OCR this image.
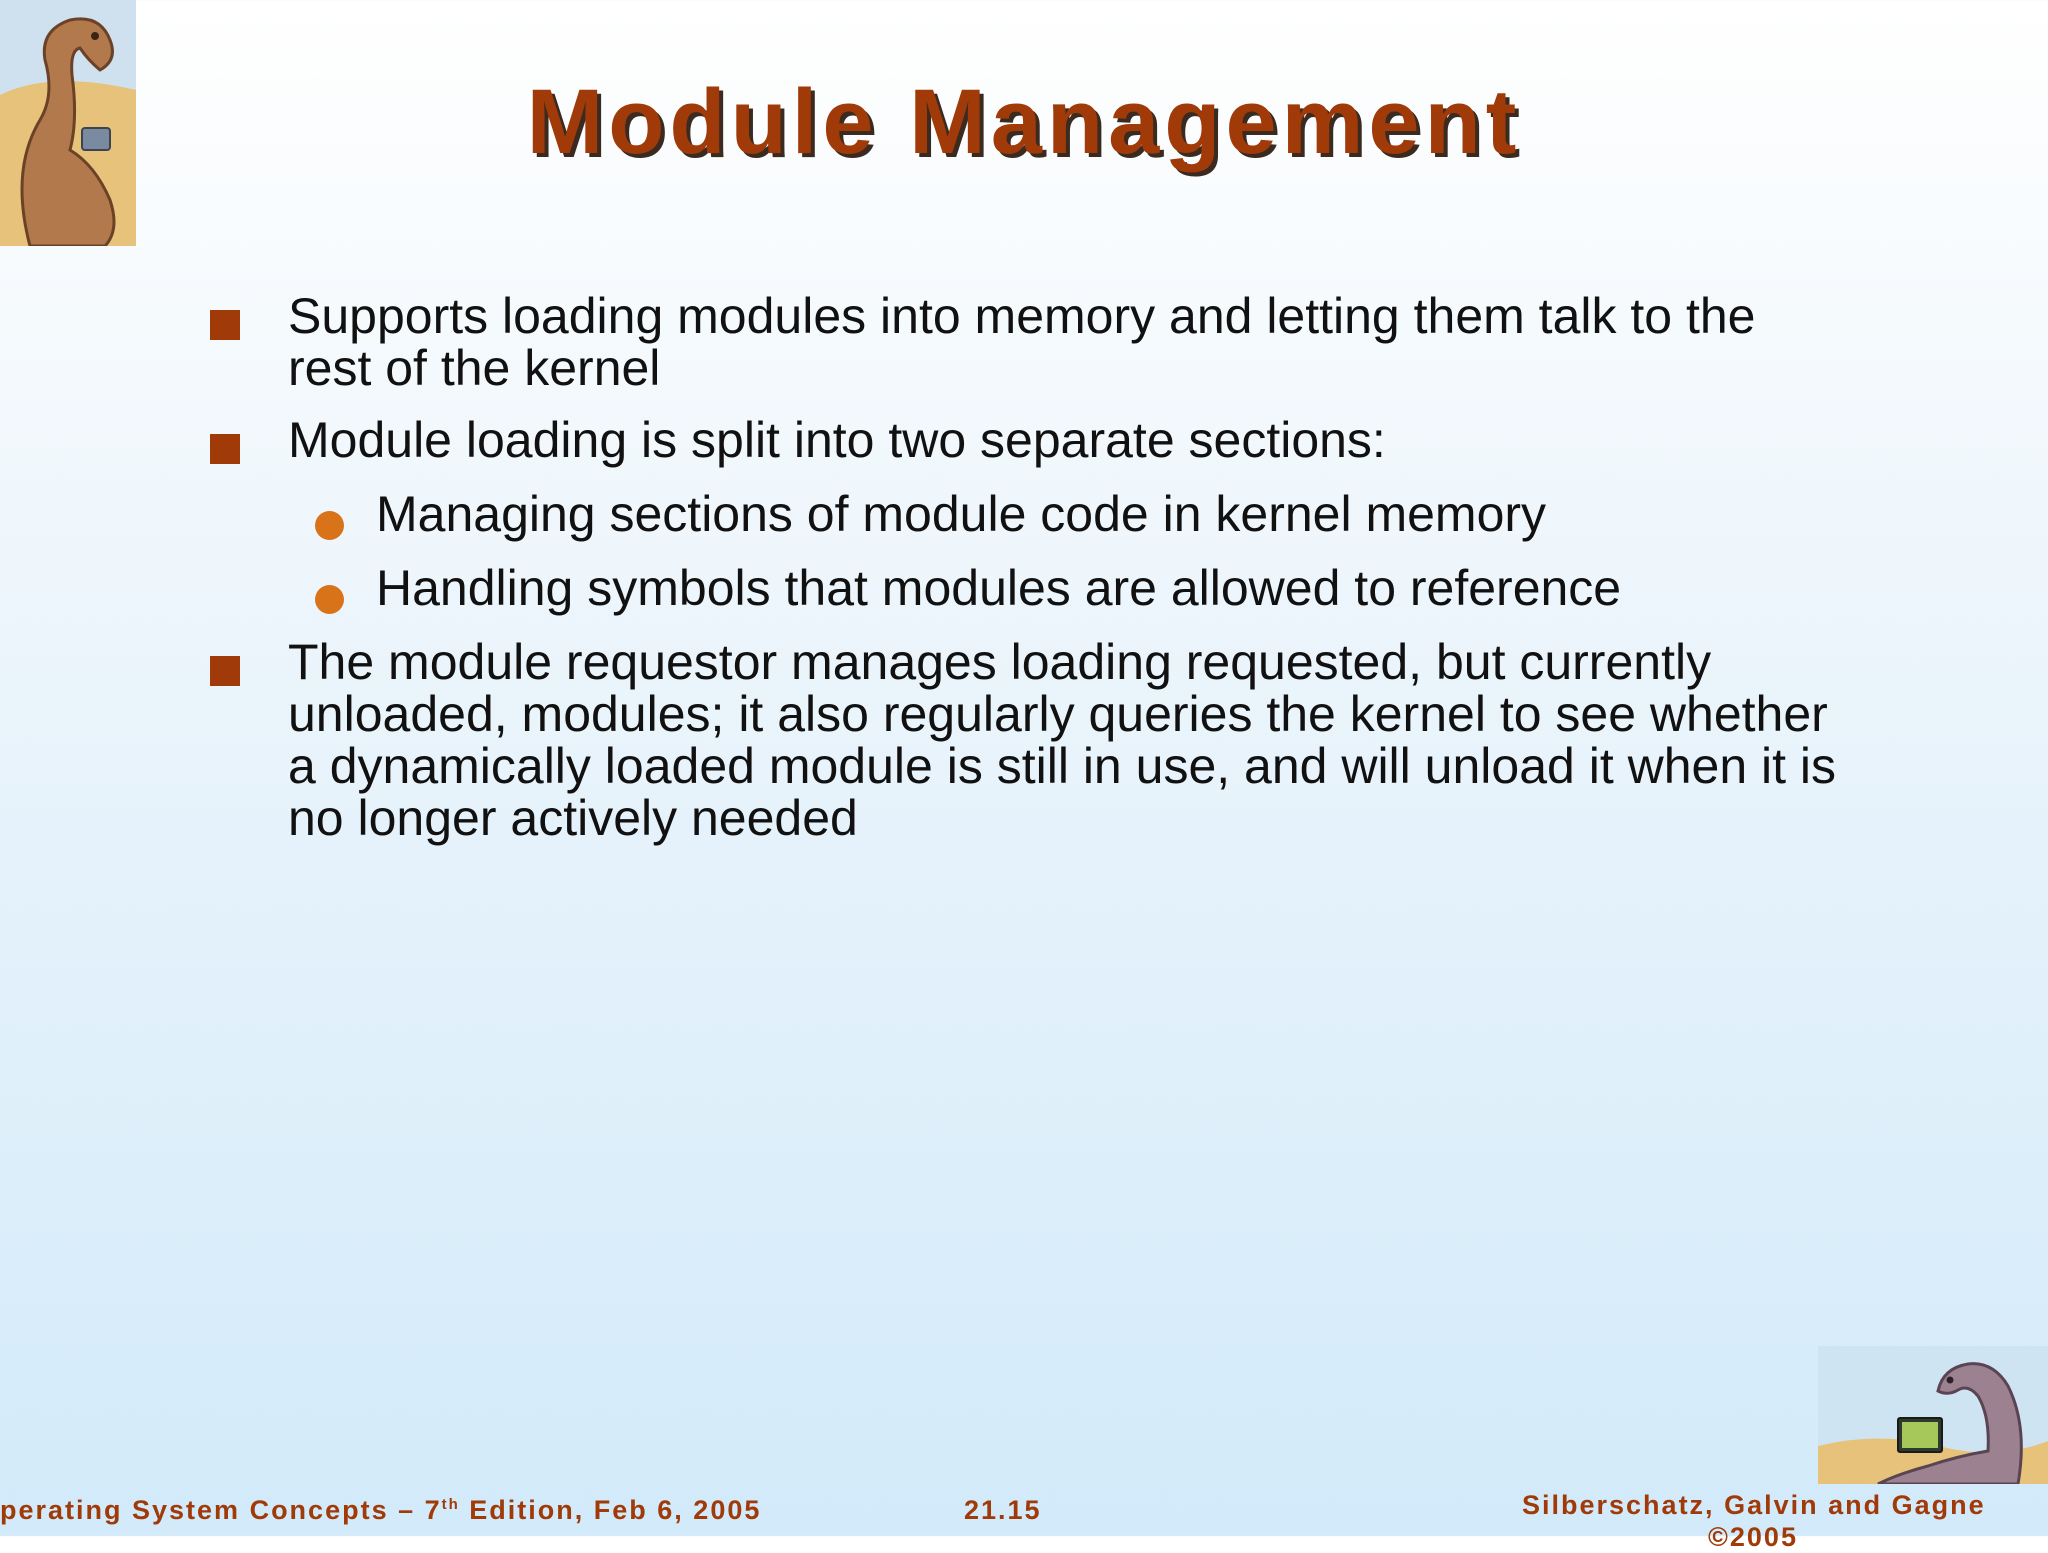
Module Management
Supports loading modules into memory and letting them talk to the rest of the kernel
Module loading is split into two separate sections:
Managing sections of module code in kernel memory
Handling symbols that modules are allowed to reference
The module requestor manages loading requested, but currently unloaded, modules; it also regularly queries the kernel to see whether a dynamically loaded module is still in use, and will unload it when it is no longer actively needed
perating System Concepts – 7th Edition, Feb 6, 2005	21.15	Silberschatz, Galvin and Gagne
©2005
